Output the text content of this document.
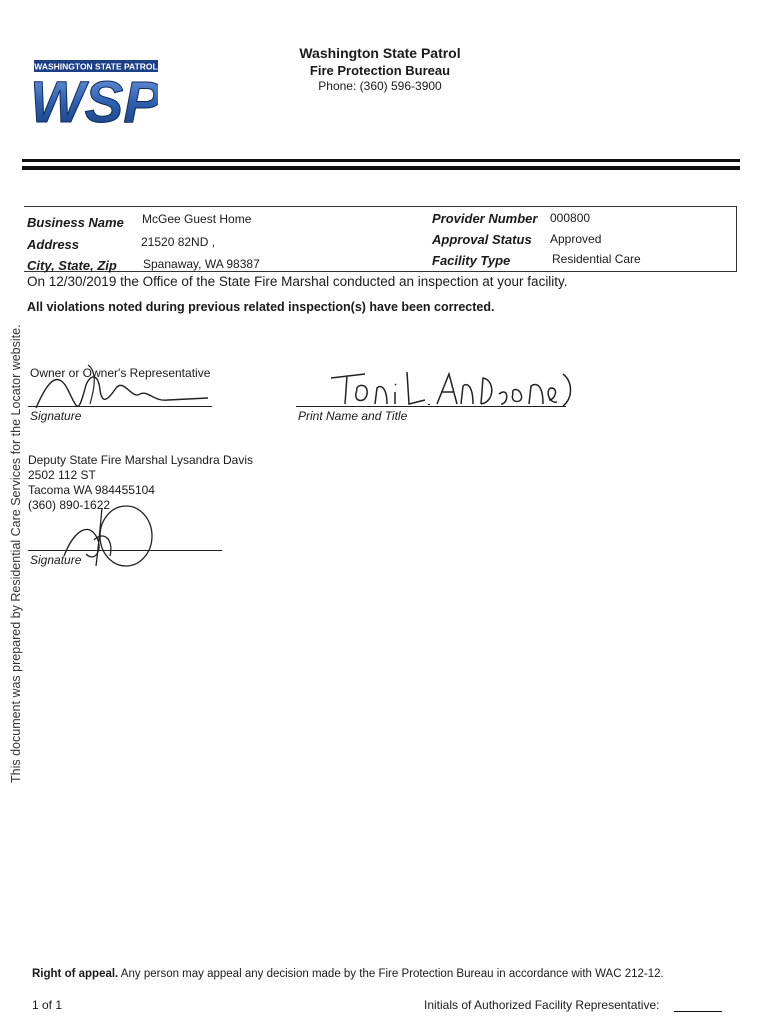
This document was prepared by Residential Care Services for the Locator website.
WASHINGTON STATE PATROL
WSP
Washington State Patrol
Fire Protection Bureau
Phone: (360) 596-3900
Business Name McGee Guest Home
Address	21520 82ND ,
City, State, Zip Spanaway, WA 98387
Provider Number 000800
Approval Status Approved
Facility Type	Residential Care
On 12/30/2019 the Office of the State Fire Marshal conducted an inspection at your facility.
All violations noted during previous related inspection(s) have been corrected.
Owner or Owner's Representative
Signature	Print Name and Title
Deputy State Fire Marshal Lysandra Davis
2502 112 ST
Tacoma WA 984455104
(360) 890-1622
Signature
Right of appeal. Any person may appeal any decision made by the Fire Protection Bureau in accordance with WAC 212-12.
1 of 1	Initials of Authorized Facility Representative:
